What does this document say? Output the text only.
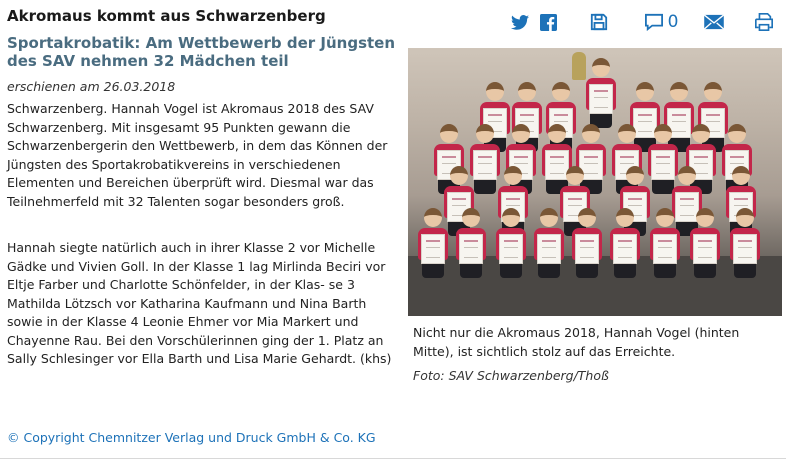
Akromaus kommt aus Schwarzenberg	0
Sportakrobatik: Am Wettbewerb der Jüngsten des SAV nehmen 32 Mädchen teil
erschienen am 26.03.2018

Schwarzenberg. Hannah Vogel ist Akromaus 2018 des SAV Schwarzenberg. Mit insgesamt 95 Punkten gewann die Schwarzenbergerin den Wettbewerb, in dem das Können der Jüngsten des Sportakrobatikvereins in verschiedenen Elementen und Bereichen überprüft wird. Diesmal war das Teilnehmerfeld mit 32 Talenten sogar besonders groß.

Hannah siegte natürlich auch in ihrer Klasse 2 vor Michelle Gädke und Vivien Goll. In der Klasse 1 lag Mirlinda Beciri vor Eltje Farber und Charlotte Schönfelder, in der Klas- se 3 Mathilda Lötzsch vor Katharina Kaufmann und Nina Barth sowie in der Klasse 4 Leonie Ehmer vor Mia Markert und Chayenne Rau. Bei den Vorschülerinnen ging der 1. Platz an Sally Schlesinger vor Ella Barth und Lisa Marie Gehardt. (khs)

Nicht nur die Akromaus 2018, Hannah Vogel (hinten Mitte), ist sichtlich stolz auf das Erreichte.
Foto: SAV Schwarzenberg/Thoß
© Copyright Chemnitzer Verlag und Druck GmbH & Co. KG
